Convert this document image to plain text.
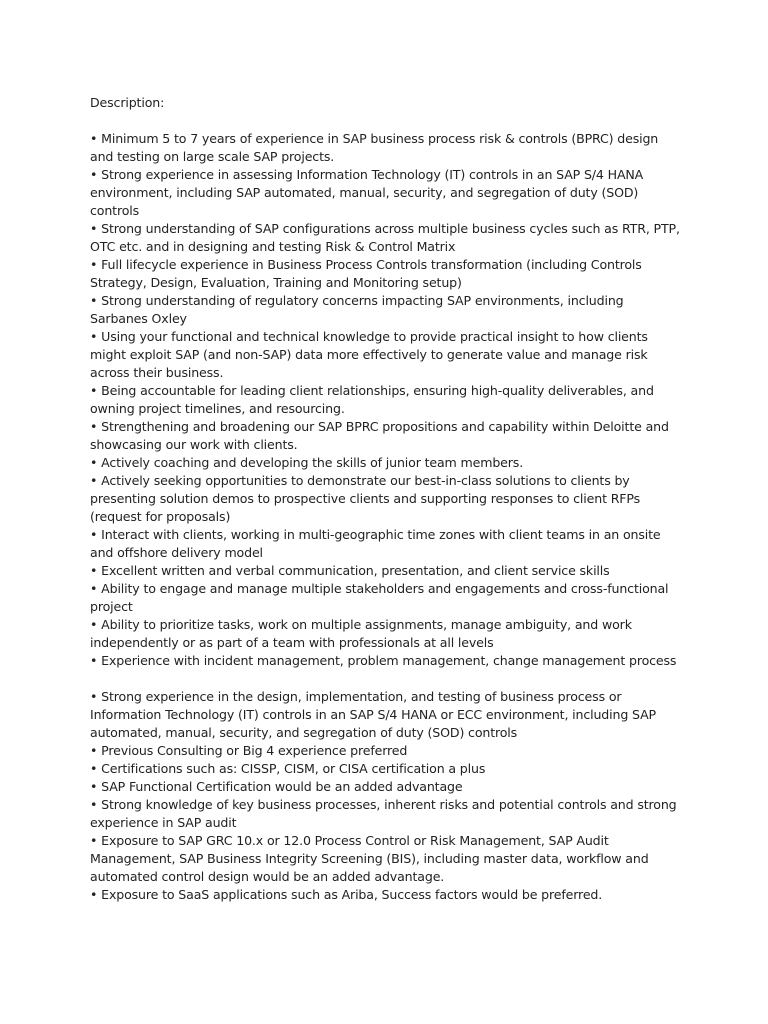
Description:
• Minimum 5 to 7 years of experience in SAP business process risk & controls (BPRC) design and testing on large scale SAP projects.
• Strong experience in assessing Information Technology (IT) controls in an SAP S/4 HANA environment, including SAP automated, manual, security, and segregation of duty (SOD) controls
• Strong understanding of SAP configurations across multiple business cycles such as RTR, PTP, OTC etc. and in designing and testing Risk & Control Matrix
• Full lifecycle experience in Business Process Controls transformation (including Controls Strategy, Design, Evaluation, Training and Monitoring setup)
• Strong understanding of regulatory concerns impacting SAP environments, including Sarbanes Oxley
• Using your functional and technical knowledge to provide practical insight to how clients might exploit SAP (and non-SAP) data more effectively to generate value and manage risk across their business.
• Being accountable for leading client relationships, ensuring high-quality deliverables, and owning project timelines, and resourcing.
• Strengthening and broadening our SAP BPRC propositions and capability within Deloitte and showcasing our work with clients.
• Actively coaching and developing the skills of junior team members.
• Actively seeking opportunities to demonstrate our best-in-class solutions to clients by presenting solution demos to prospective clients and supporting responses to client RFPs (request for proposals)
• Interact with clients, working in multi-geographic time zones with client teams in an onsite and offshore delivery model
• Excellent written and verbal communication, presentation, and client service skills
• Ability to engage and manage multiple stakeholders and engagements and cross-functional project
• Ability to prioritize tasks, work on multiple assignments, manage ambiguity, and work independently or as part of a team with professionals at all levels
• Experience with incident management, problem management, change management process
• Strong experience in the design, implementation, and testing of business process or Information Technology (IT) controls in an SAP S/4 HANA or ECC environment, including SAP automated, manual, security, and segregation of duty (SOD) controls
• Previous Consulting or Big 4 experience preferred
• Certifications such as: CISSP, CISM, or CISA certification a plus
• SAP Functional Certification would be an added advantage
• Strong knowledge of key business processes, inherent risks and potential controls and strong experience in SAP audit
• Exposure to SAP GRC 10.x or 12.0 Process Control or Risk Management, SAP Audit Management, SAP Business Integrity Screening (BIS), including master data, workflow and automated control design would be an added advantage.
• Exposure to SaaS applications such as Ariba, Success factors would be preferred.
